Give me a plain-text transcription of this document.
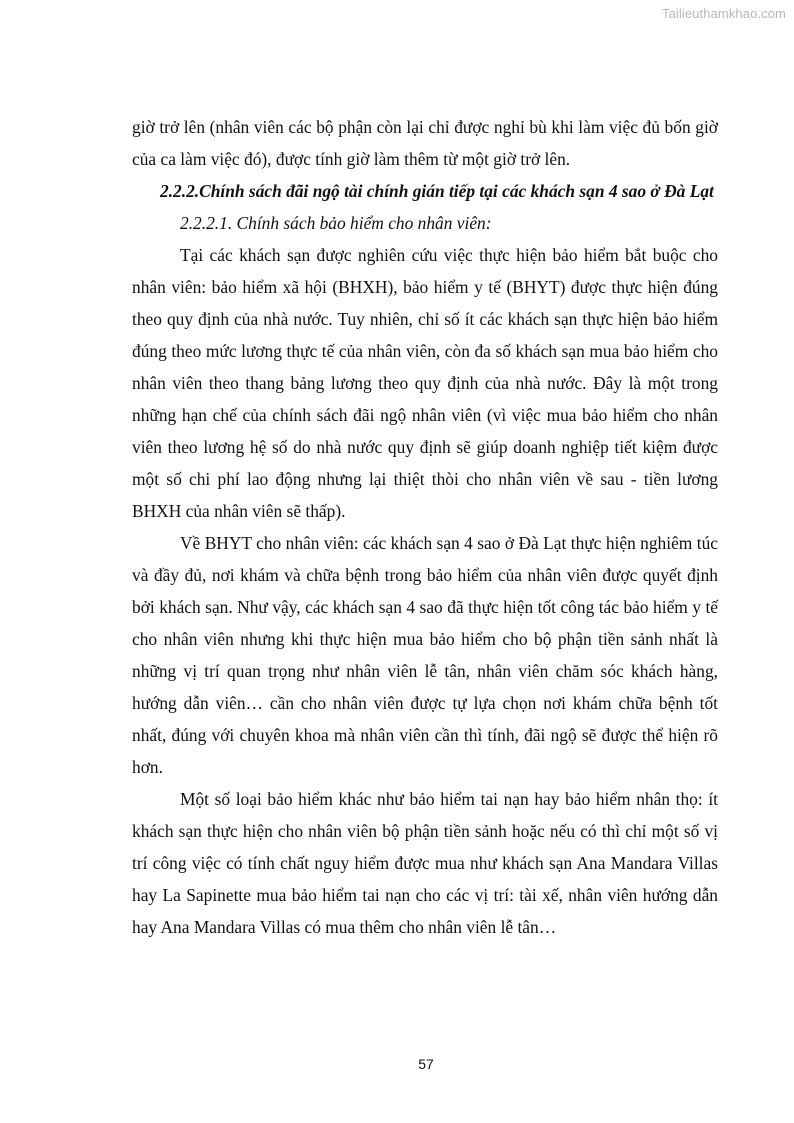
Tailieuthamkhao.com

giờ trở lên (nhân viên các bộ phận còn lại chỉ được nghỉ bù khi làm việc đủ bốn giờ của ca làm việc đó), được tính giờ làm thêm từ một giờ trở lên.

2.2.2.Chính sách đãi ngộ tài chính gián tiếp tại các khách sạn 4 sao ở Đà Lạt

2.2.2.1. Chính sách bảo hiểm cho nhân viên:

Tại các khách sạn được nghiên cứu việc thực hiện bảo hiểm bắt buộc cho nhân viên: bảo hiểm xã hội (BHXH), bảo hiểm y tế (BHYT) được thực hiện đúng theo quy định của nhà nước. Tuy nhiên, chỉ số ít các khách sạn thực hiện bảo hiểm đúng theo mức lương thực tế của nhân viên, còn đa số khách sạn mua bảo hiểm cho nhân viên theo thang bảng lương theo quy định của nhà nước. Đây là một trong những hạn chế của chính sách đãi ngộ nhân viên (vì việc mua bảo hiểm cho nhân viên theo lương hệ số do nhà nước quy định sẽ giúp doanh nghiệp tiết kiệm được một số chi phí lao động nhưng lại thiệt thòi cho nhân viên về sau - tiền lương BHXH của nhân viên sẽ thấp).

Về BHYT cho nhân viên: các khách sạn 4 sao ở Đà Lạt thực hiện nghiêm túc và đầy đủ, nơi khám và chữa bệnh trong bảo hiểm của nhân viên được quyết định bởi khách sạn. Như vậy, các khách sạn 4 sao đã thực hiện tốt công tác bảo hiểm y tế cho nhân viên nhưng khi thực hiện mua bảo hiểm cho bộ phận tiền sảnh nhất là những vị trí quan trọng như nhân viên lễ tân, nhân viên chăm sóc khách hàng, hướng dẫn viên… cần cho nhân viên được tự lựa chọn nơi khám chữa bệnh tốt nhất, đúng với chuyên khoa mà nhân viên cần thì tính, đãi ngộ sẽ được thể hiện rõ hơn.

Một số loại bảo hiểm khác như bảo hiểm tai nạn hay bảo hiểm nhân thọ: ít khách sạn thực hiện cho nhân viên bộ phận tiền sảnh hoặc nếu có thì chỉ một số vị trí công việc có tính chất nguy hiểm được mua như khách sạn Ana Mandara Villas hay La Sapinette mua bảo hiểm tai nạn cho các vị trí: tài xế, nhân viên hướng dẫn hay Ana Mandara Villas có mua thêm cho nhân viên lễ tân…

57
